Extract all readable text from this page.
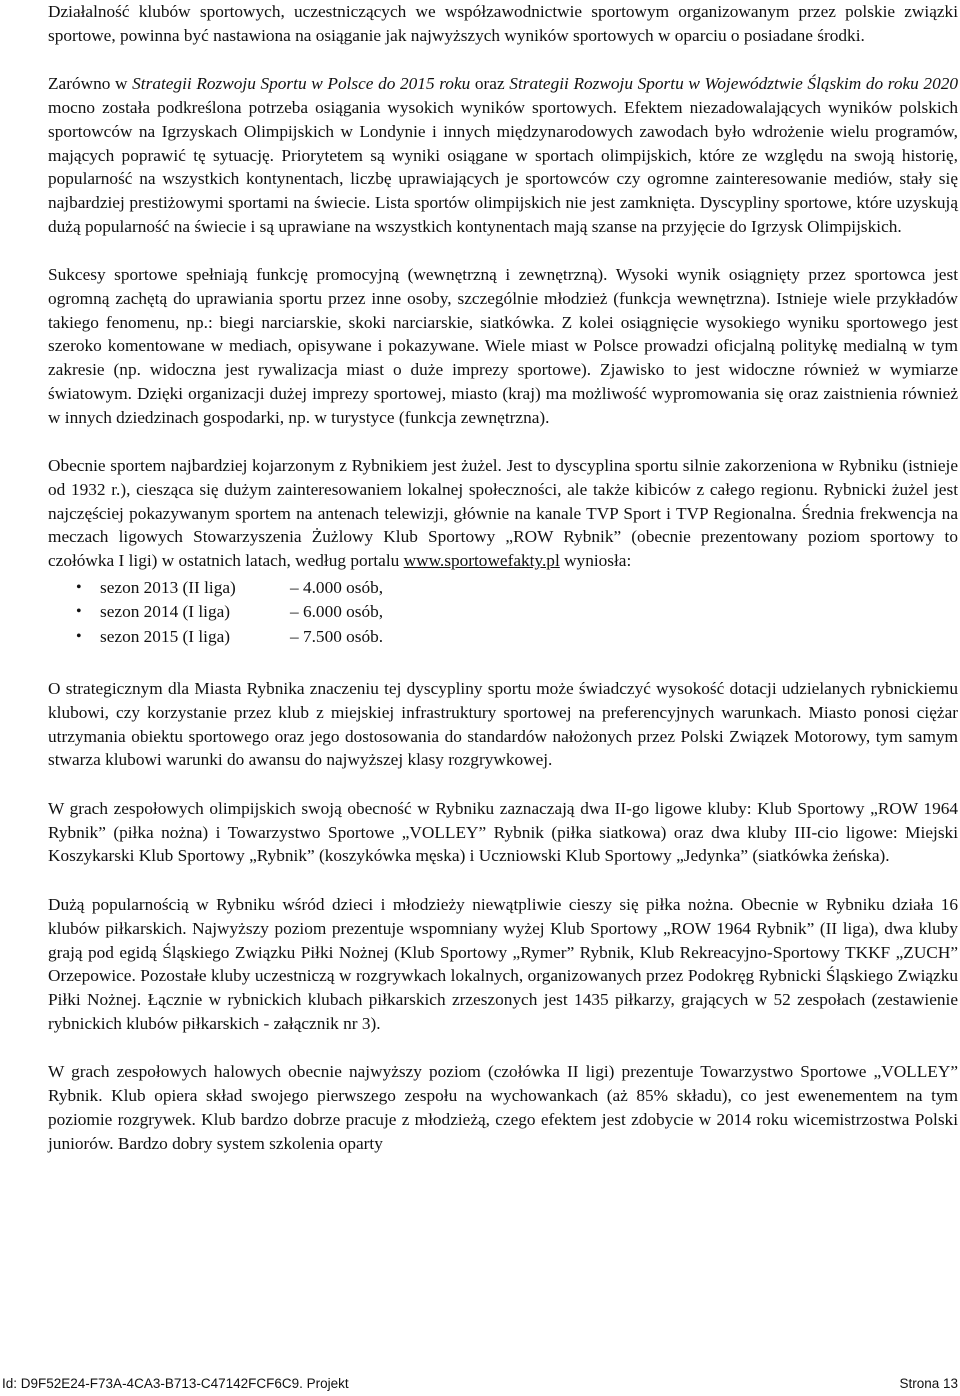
Działalność klubów sportowych, uczestniczących we współzawodnictwie sportowym organizowanym przez polskie związki sportowe, powinna być nastawiona na osiąganie jak najwyższych wyników sportowych w oparciu o posiadane środki.

Zarówno w Strategii Rozwoju Sportu w Polsce do 2015 roku oraz Strategii Rozwoju Sportu w Województwie Śląskim do roku 2020 mocno została podkreślona potrzeba osiągania wysokich wyników sportowych. Efektem niezadowalających wyników polskich sportowców na Igrzyskach Olimpijskich w Londynie i innych międzynarodowych zawodach było wdrożenie wielu programów, mających poprawić tę sytuację. Priorytetem są wyniki osiągane w sportach olimpijskich, które ze względu na swoją historię, popularność na wszystkich kontynentach, liczbę uprawiających je sportowców czy ogromne zainteresowanie mediów, stały się najbardziej prestiżowymi sportami na świecie. Lista sportów olimpijskich nie jest zamknięta. Dyscypliny sportowe, które uzyskują dużą popularność na świecie i są uprawiane na wszystkich kontynentach mają szanse na przyjęcie do Igrzysk Olimpijskich.

Sukcesy sportowe spełniają funkcję promocyjną (wewnętrzną i zewnętrzną). Wysoki wynik osiągnięty przez sportowca jest ogromną zachętą do uprawiania sportu przez inne osoby, szczególnie młodzież (funkcja wewnętrzna). Istnieje wiele przykładów takiego fenomenu, np.: biegi narciarskie, skoki narciarskie, siatkówka. Z kolei osiągnięcie wysokiego wyniku sportowego jest szeroko komentowane w mediach, opisywane i pokazywane. Wiele miast w Polsce prowadzi oficjalną politykę medialną w tym zakresie (np. widoczna jest rywalizacja miast o duże imprezy sportowe). Zjawisko to jest widoczne również w wymiarze światowym. Dzięki organizacji dużej imprezy sportowej, miasto (kraj) ma możliwość wypromowania się oraz zaistnienia również w innych dziedzinach gospodarki, np. w turystyce (funkcja zewnętrzna).

Obecnie sportem najbardziej kojarzonym z Rybnikiem jest żużel. Jest to dyscyplina sportu silnie zakorzeniona w Rybniku (istnieje od 1932 r.), ciesząca się dużym zainteresowaniem lokalnej społeczności, ale także kibiców z całego regionu. Rybnicki żużel jest najczęściej pokazywanym sportem na antenach telewizji, głównie na kanale TVP Sport i TVP Regionalna. Średnia frekwencja na meczach ligowych Stowarzyszenia Żużlowy Klub Sportowy „ROW Rybnik” (obecnie prezentowany poziom sportowy to czołówka I ligi) w ostatnich latach, według portalu www.sportowefakty.pl wyniosła:

• sezon 2013 (II liga)	– 4.000 osób,
• sezon 2014 (I liga)	– 6.000 osób,
• sezon 2015 (I liga)	– 7.500 osób.

O strategicznym dla Miasta Rybnika znaczeniu tej dyscypliny sportu może świadczyć wysokość dotacji udzielanych rybnickiemu klubowi, czy korzystanie przez klub z miejskiej infrastruktury sportowej na preferencyjnych warunkach. Miasto ponosi ciężar utrzymania obiektu sportowego oraz jego dostosowania do standardów nałożonych przez Polski Związek Motorowy, tym samym stwarza klubowi warunki do awansu do najwyższej klasy rozgrywkowej.

W grach zespołowych olimpijskich swoją obecność w Rybniku zaznaczają dwa II-go ligowe kluby: Klub Sportowy „ROW 1964 Rybnik” (piłka nożna) i Towarzystwo Sportowe „VOLLEY” Rybnik (piłka siatkowa) oraz dwa kluby III-cio ligowe: Miejski Koszykarski Klub Sportowy „Rybnik” (koszykówka męska) i Uczniowski Klub Sportowy „Jedynka” (siatkówka żeńska).

Dużą popularnością w Rybniku wśród dzieci i młodzieży niewątpliwie cieszy się piłka nożna. Obecnie w Rybniku działa 16 klubów piłkarskich. Najwyższy poziom prezentuje wspomniany wyżej Klub Sportowy „ROW 1964 Rybnik” (II liga), dwa kluby grają pod egidą Śląskiego Związku Piłki Nożnej (Klub Sportowy „Rymer” Rybnik, Klub Rekreacyjno-Sportowy TKKF „ZUCH” Orzepowice. Pozostałe kluby uczestniczą w rozgrywkach lokalnych, organizowanych przez Podokręg Rybnicki Śląskiego Związku Piłki Nożnej. Łącznie w rybnickich klubach piłkarskich zrzeszonych jest 1435 piłkarzy, grających w 52 zespołach (zestawienie rybnickich klubów piłkarskich - załącznik nr 3).

W grach zespołowych halowych obecnie najwyższy poziom (czołówka II ligi) prezentuje Towarzystwo Sportowe „VOLLEY” Rybnik. Klub opiera skład swojego pierwszego zespołu na wychowankach (aż 85% składu), co jest ewenementem na tym poziomie rozgrywek. Klub bardzo dobrze pracuje z młodzieżą, czego efektem jest zdobycie w 2014 roku wicemistrzostwa Polski juniorów. Bardzo dobry system szkolenia oparty

Id: D9F52E24-F73A-4CA3-B713-C47142FCF6C9. Projekt	Strona 13
